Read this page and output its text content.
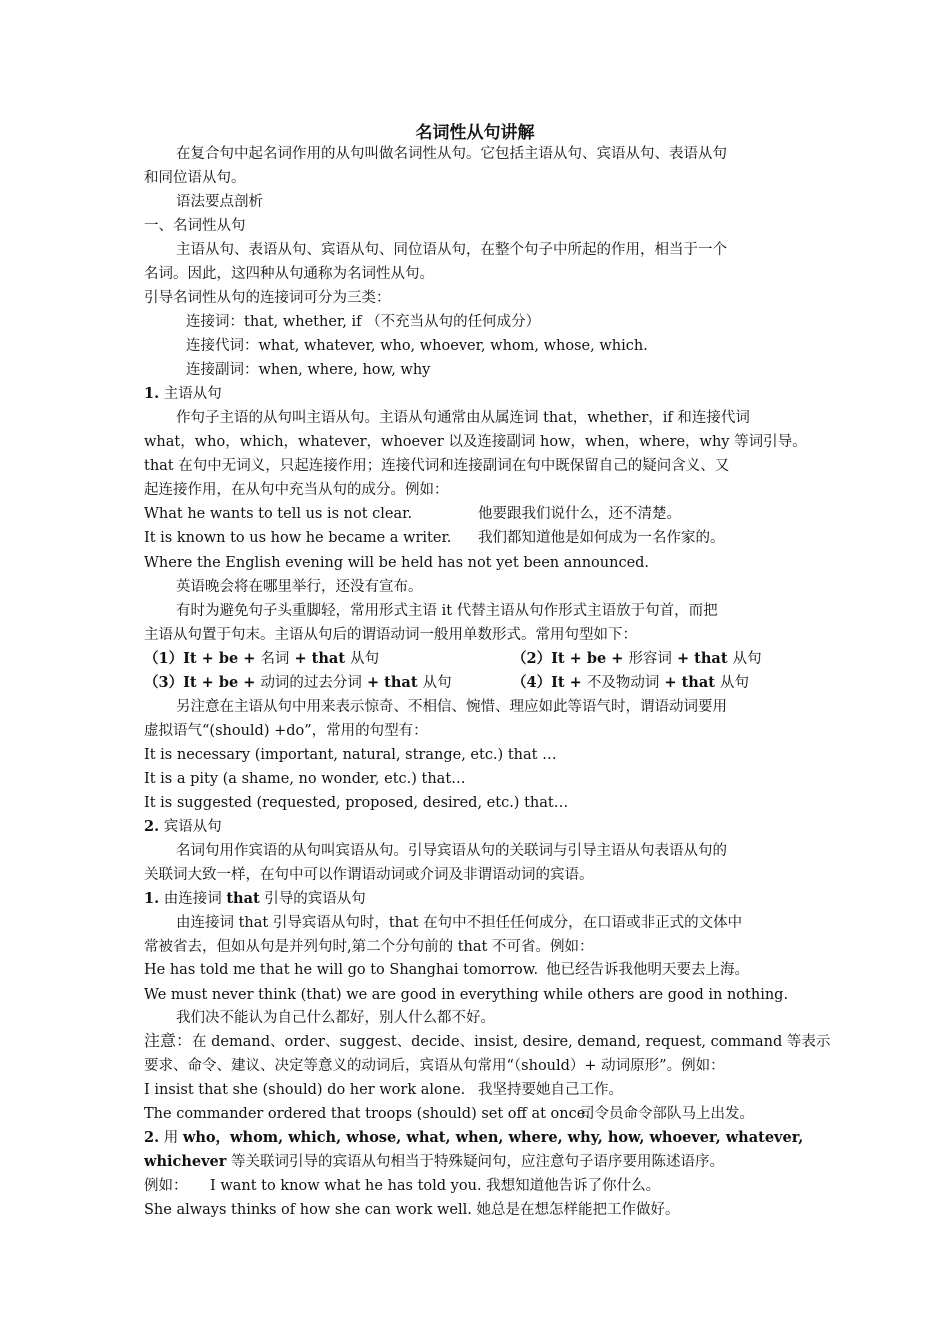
名词性从句讲解
在复合句中起名词作用的从句叫做名词性从句。它包括主语从句、宾语从句、表语从句
和同位语从句。
语法要点剖析
一、名词性从句
主语从句、表语从句、宾语从句、同位语从句，在整个句子中所起的作用，相当于一个
名词。因此，这四种从句通称为名词性从句。
引导名词性从句的连接词可分为三类：
连接词：that, whether, if （不充当从句的任何成分）
连接代词：what, whatever, who, whoever, whom, whose, which.
连接副词：when, where, how, why
1. 主语从句
作句子主语的从句叫主语从句。主语从句通常由从属连词 that，whether，if 和连接代词
what，who，which，whatever，whoever 以及连接副词 how，when，where，why 等词引导。
that 在句中无词义，只起连接作用；连接代词和连接副词在句中既保留自己的疑问含义、又
起连接作用，在从句中充当从句的成分。例如：
What he wants to tell us is not clear.	他要跟我们说什么，还不清楚。
It is known to us how he became a writer. 我们都知道他是如何成为一名作家的。
Where the English evening will be held has not yet been announced.
英语晚会将在哪里举行，还没有宣布。
有时为避免句子头重脚轻，常用形式主语 it 代替主语从句作形式主语放于句首，而把
主语从句置于句末。主语从句后的谓语动词一般用单数形式。常用句型如下：
（1）It + be + 名词 + that 从句	（2）It + be + 形容词 + that 从句
（3）It + be + 动词的过去分词 + that 从句	（4）It + 不及物动词 + that 从句
另注意在主语从句中用来表示惊奇、不相信、惋惜、理应如此等语气时，谓语动词要用
虚拟语气“(should) +do”，常用的句型有：
It is necessary (important, natural, strange, etc.) that …
It is a pity (a shame, no wonder, etc.) that…
It is suggested (requested, proposed, desired, etc.) that…
2. 宾语从句
名词句用作宾语的从句叫宾语从句。引导宾语从句的关联词与引导主语从句表语从句的
关联词大致一样，在句中可以作谓语动词或介词及非谓语动词的宾语。
1. 由连接词 that 引导的宾语从句
由连接词 that 引导宾语从句时，that 在句中不担任任何成分，在口语或非正式的文体中
常被省去，但如从句是并列句时,第二个分句前的 that 不可省。例如：
He has told me that he will go to Shanghai tomorrow. 他已经告诉我他明天要去上海。
We must never think (that) we are good in everything while others are good in nothing.
我们决不能认为自己什么都好，别人什么都不好。
注意：在 demand、order、suggest、decide、insist, desire, demand, request, command 等表示
要求、命令、建议、决定等意义的动词后，宾语从句常用“（should）+ 动词原形”。例如：
I insist that she (should) do her work alone. 我坚持要她自己工作。
The commander ordered that troops (should) set off at once.
司令员命令部队马上出发。
2. 用 who，whom, which, whose, what, when, where, why, how, whoever, whatever,
whichever 等关联词引导的宾语从句相当于特殊疑问句，应注意句子语序要用陈述语序。
例如： I want to know what he has told you. 我想知道他告诉了你什么。
She always thinks of how she can work well. 她总是在想怎样能把工作做好。
